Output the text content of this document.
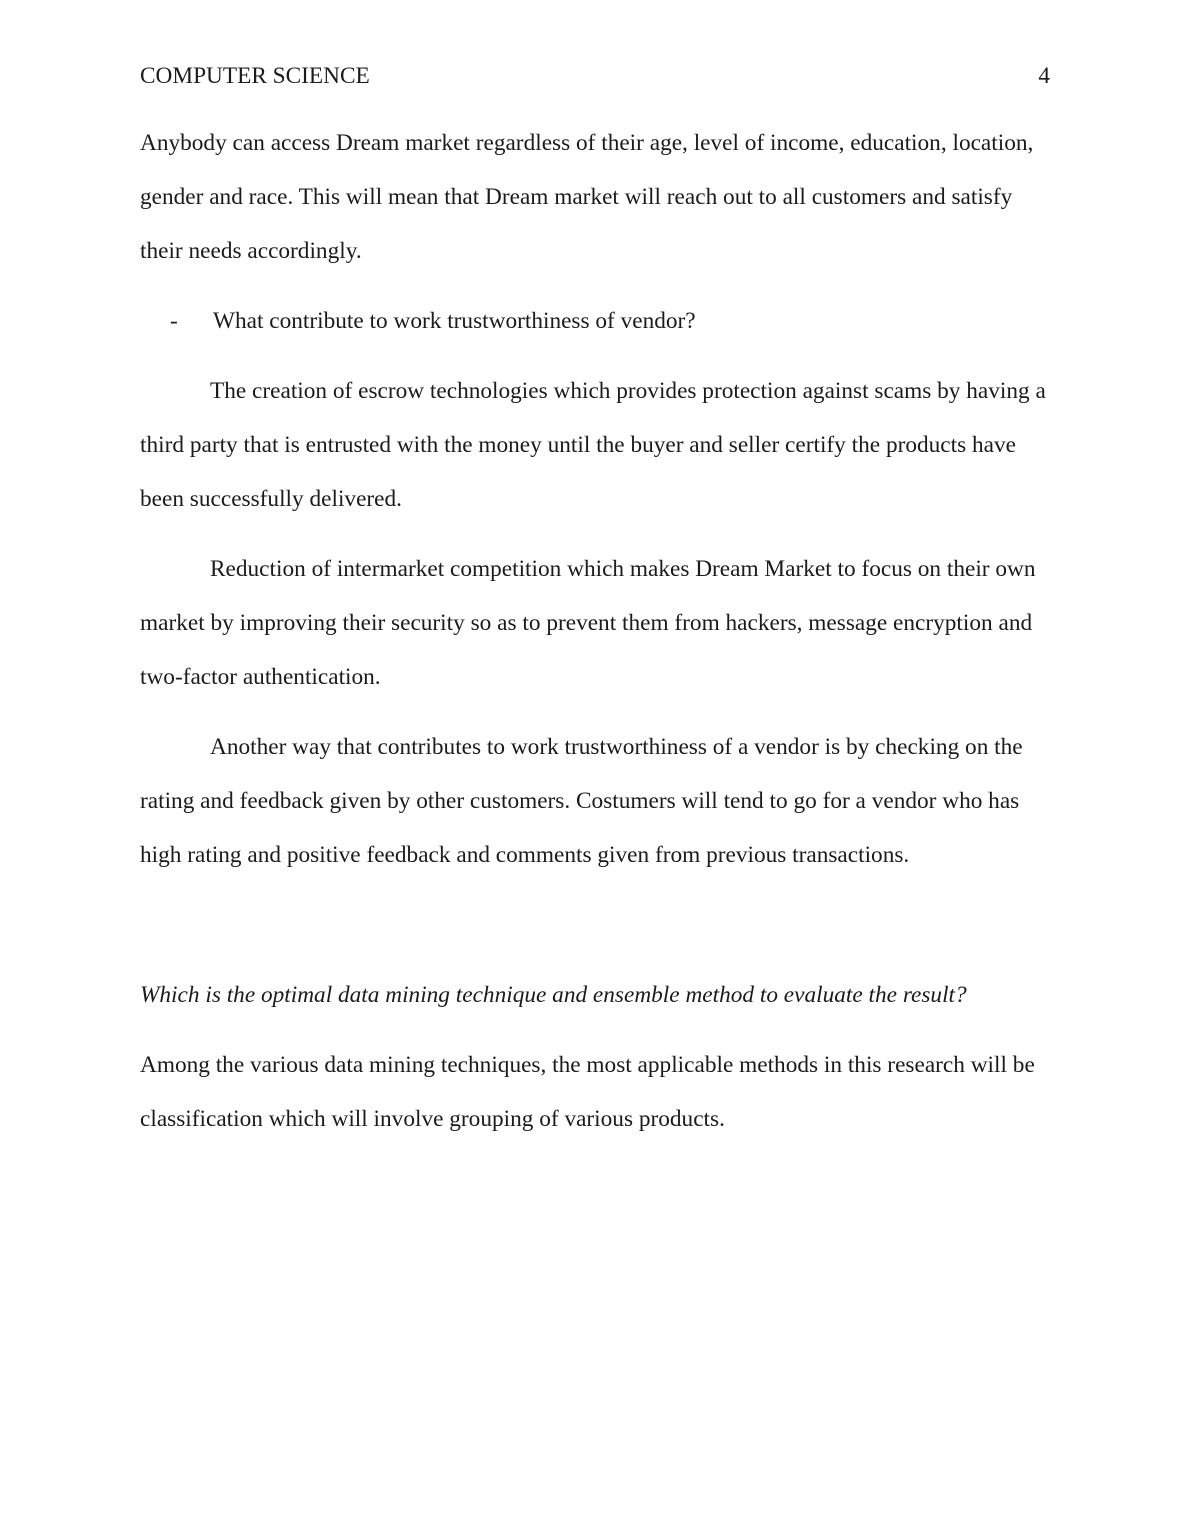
COMPUTER SCIENCE	4

Anybody can access Dream market regardless of their age, level of income, education, location, gender and race. This will mean that Dream market will reach out to all customers and satisfy their needs accordingly.

- What contribute to work trustworthiness of vendor?

The creation of escrow technologies which provides protection against scams by having a third party that is entrusted with the money until the buyer and seller certify the products have been successfully delivered.

Reduction of intermarket competition which makes Dream Market to focus on their own market by improving their security so as to prevent them from hackers, message encryption and two-factor authentication.

Another way that contributes to work trustworthiness of a vendor is by checking on the rating and feedback given by other customers. Costumers will tend to go for a vendor who has high rating and positive feedback and comments given from previous transactions.

Which is the optimal data mining technique and ensemble method to evaluate the result?

Among the various data mining techniques, the most applicable methods in this research will be classification which will involve grouping of various products.
